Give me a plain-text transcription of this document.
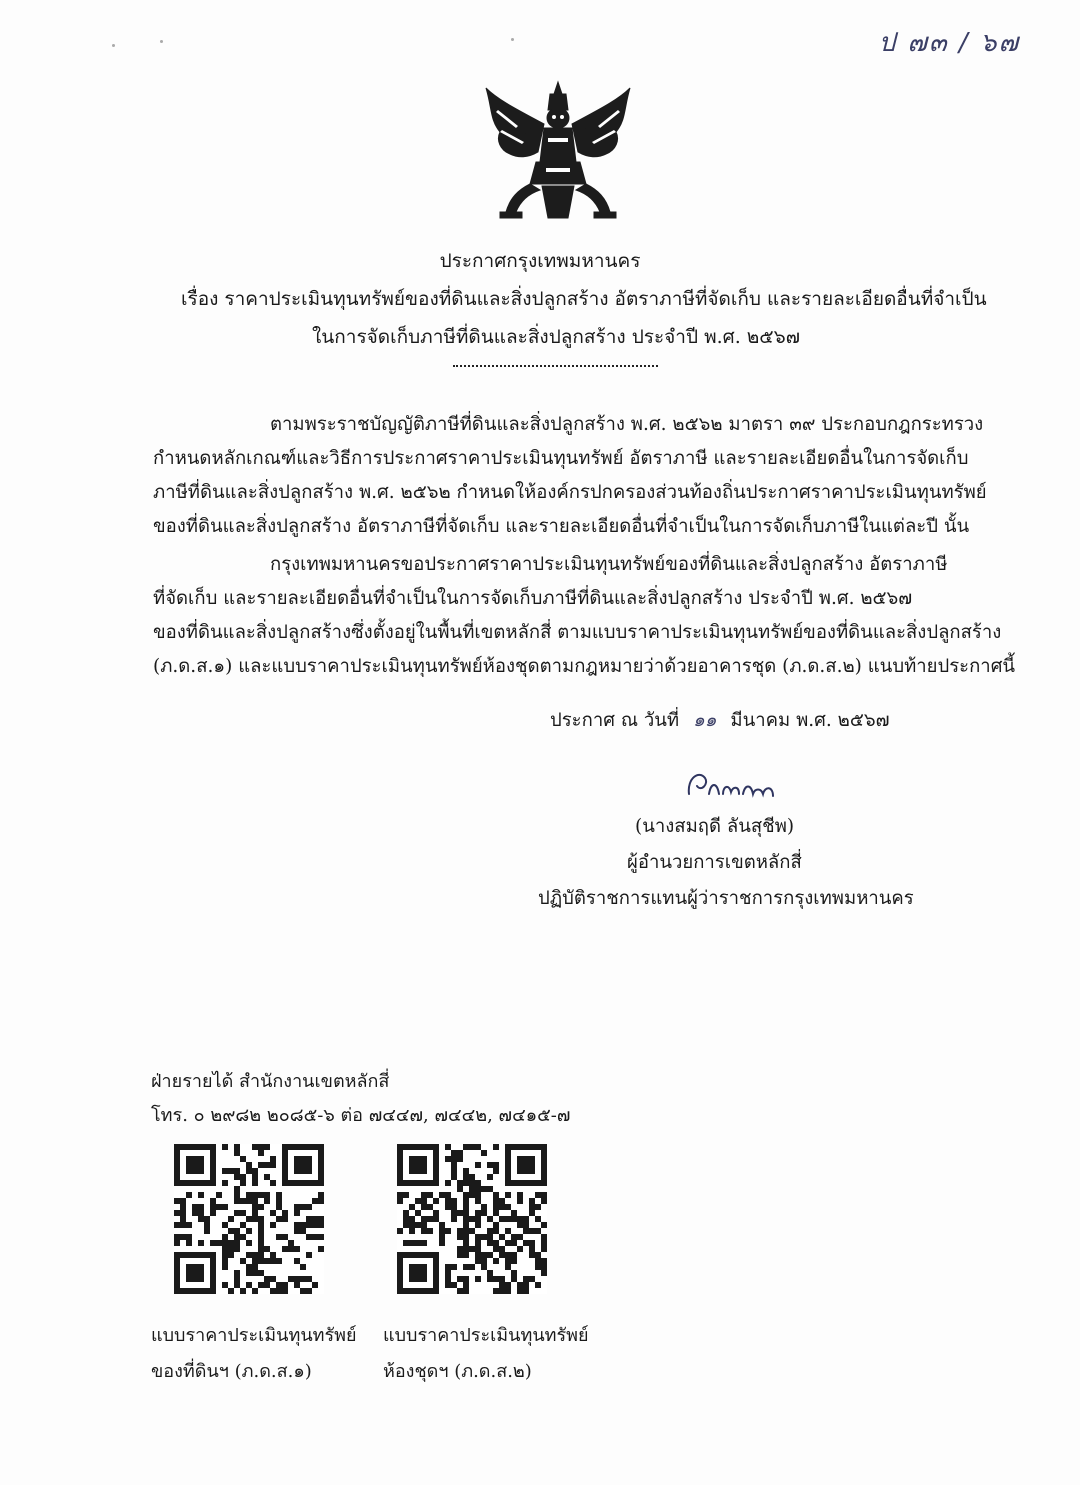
ป ๗๓ / ๖๗
ประกาศกรุงเทพมหานคร
เรื่อง ราคาประเมินทุนทรัพย์ของที่ดินและสิ่งปลูกสร้าง อัตราภาษีที่จัดเก็บ และรายละเอียดอื่นที่จำเป็น
ในการจัดเก็บภาษีที่ดินและสิ่งปลูกสร้าง ประจำปี พ.ศ. ๒๕๖๗
ตามพระราชบัญญัติภาษีที่ดินและสิ่งปลูกสร้าง พ.ศ. ๒๕๖๒ มาตรา ๓๙ ประกอบกฎกระทรวง
กำหนดหลักเกณฑ์และวิธีการประกาศราคาประเมินทุนทรัพย์ อัตราภาษี และรายละเอียดอื่นในการจัดเก็บ
ภาษีที่ดินและสิ่งปลูกสร้าง พ.ศ. ๒๕๖๒ กำหนดให้องค์กรปกครองส่วนท้องถิ่นประกาศราคาประเมินทุนทรัพย์
ของที่ดินและสิ่งปลูกสร้าง อัตราภาษีที่จัดเก็บ และรายละเอียดอื่นที่จำเป็นในการจัดเก็บภาษีในแต่ละปี นั้น
กรุงเทพมหานครขอประกาศราคาประเมินทุนทรัพย์ของที่ดินและสิ่งปลูกสร้าง อัตราภาษี
ที่จัดเก็บ และรายละเอียดอื่นที่จำเป็นในการจัดเก็บภาษีที่ดินและสิ่งปลูกสร้าง ประจำปี พ.ศ. ๒๕๖๗
ของที่ดินและสิ่งปลูกสร้างซึ่งตั้งอยู่ในพื้นที่เขตหลักสี่ ตามแบบราคาประเมินทุนทรัพย์ของที่ดินและสิ่งปลูกสร้าง
(ภ.ด.ส.๑) และแบบราคาประเมินทุนทรัพย์ห้องชุดตามกฎหมายว่าด้วยอาคารชุด (ภ.ด.ส.๒) แนบท้ายประกาศนี้
ประกาศ ณ วันที่ ๑๑ มีนาคม พ.ศ. ๒๕๖๗
(นางสมฤดี ลันสุชีพ)
ผู้อำนวยการเขตหลักสี่
ปฏิบัติราชการแทนผู้ว่าราชการกรุงเทพมหานคร
ฝ่ายรายได้ สำนักงานเขตหลักสี่
โทร. ๐ ๒๙๘๒ ๒๐๘๕-๖ ต่อ ๗๔๔๗, ๗๔๔๒, ๗๔๑๕-๗
แบบราคาประเมินทุนทรัพย์
ของที่ดินฯ (ภ.ด.ส.๑)
แบบราคาประเมินทุนทรัพย์
ห้องชุดฯ (ภ.ด.ส.๒)
